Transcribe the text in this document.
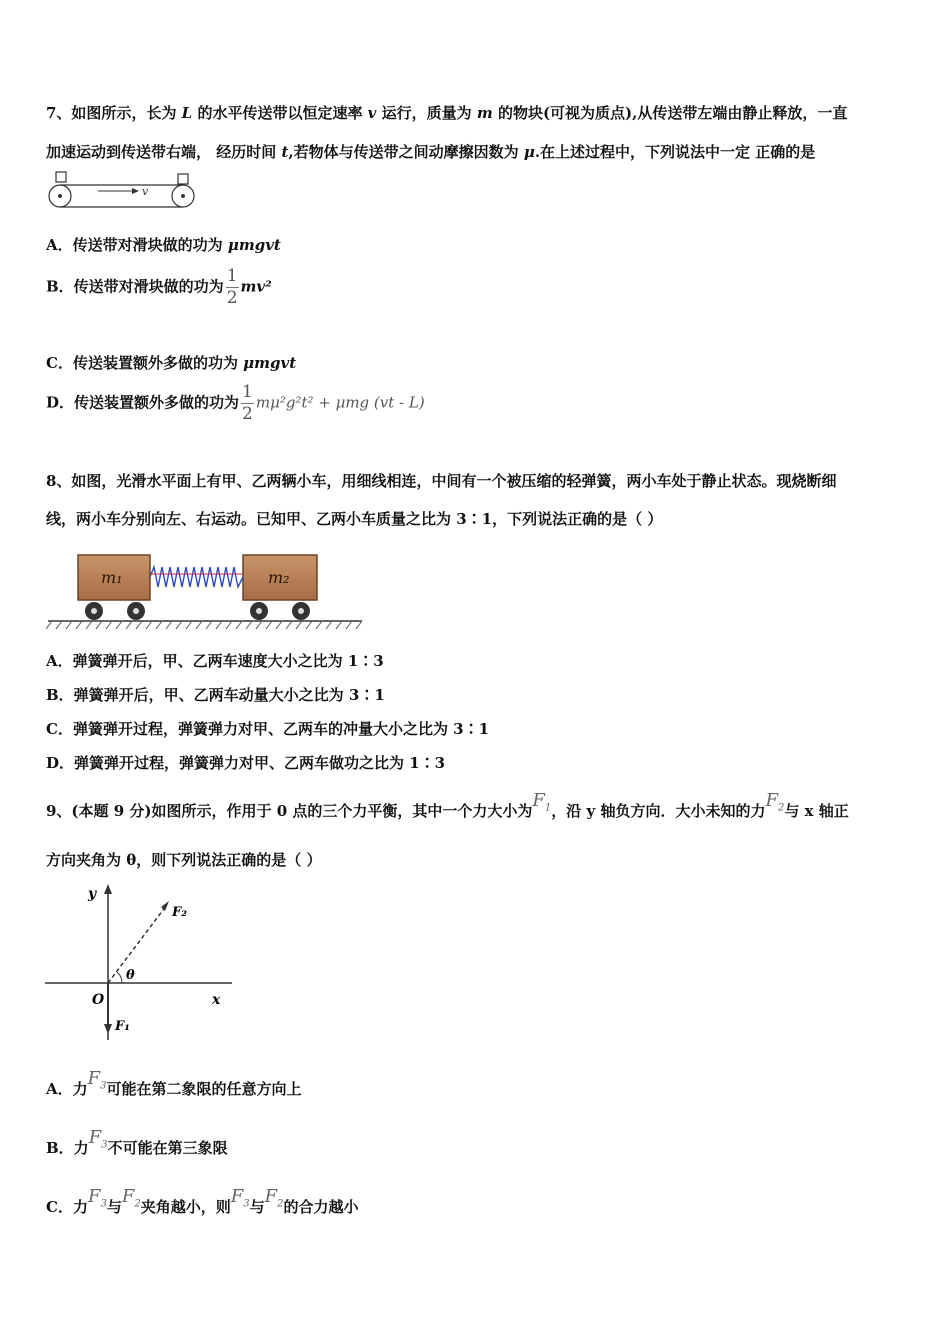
7、如图所示，长为 L 的水平传送带以恒定速率 v 运行，质量为 m 的物块(可视为质点),从传送带左端由静止释放，一直
加速运动到传送带右端， 经历时间 t,若物体与传送带之间动摩擦因数为 μ.在上述过程中，下列说法中一定 正确的是
v
A．传送带对滑块做的功为 μmgvt
B．传送带对滑块做的功为 $\frac{1}{2} mv^2$
C．传送装置额外多做的功为 μmgvt
D．传送装置额外多做的功为 $\frac{1}{2} m\mu^2g^2t^2 + \mu mg$ (vt - L)
8、如图，光滑水平面上有甲、乙两辆小车，用细线相连，中间有一个被压缩的轻弹簧，两小车处于静止状态。现烧断细
线，两小车分别向左、右运动。已知甲、乙两小车质量之比为 3∶1，下列说法正确的是（ ）
m₁	m₂
A．弹簧弹开后，甲、乙两车速度大小之比为 1∶3
B．弹簧弹开后，甲、乙两车动量大小之比为 3∶1
C．弹簧弹开过程，弹簧弹力对甲、乙两车的冲量大小之比为 3∶1
D．弹簧弹开过程，弹簧弹力对甲、乙两车做功之比为 1∶3
9、(本题 9 分)如图所示，作用于 0 点的三个力平衡，其中一个力大小为$F_1$，沿 y 轴负方向．大小未知的力$F_2$与 x 轴正
方向夹角为 θ，则下列说法正确的是（ ）
y
x
O
θ
F₂
F₁
A．力$F_3$可能在第二象限的任意方向上
B．力$F_3$不可能在第三象限
C．力$F_3$与$F_2$夹角越小，则$F_3$与$F_2$的合力越小
